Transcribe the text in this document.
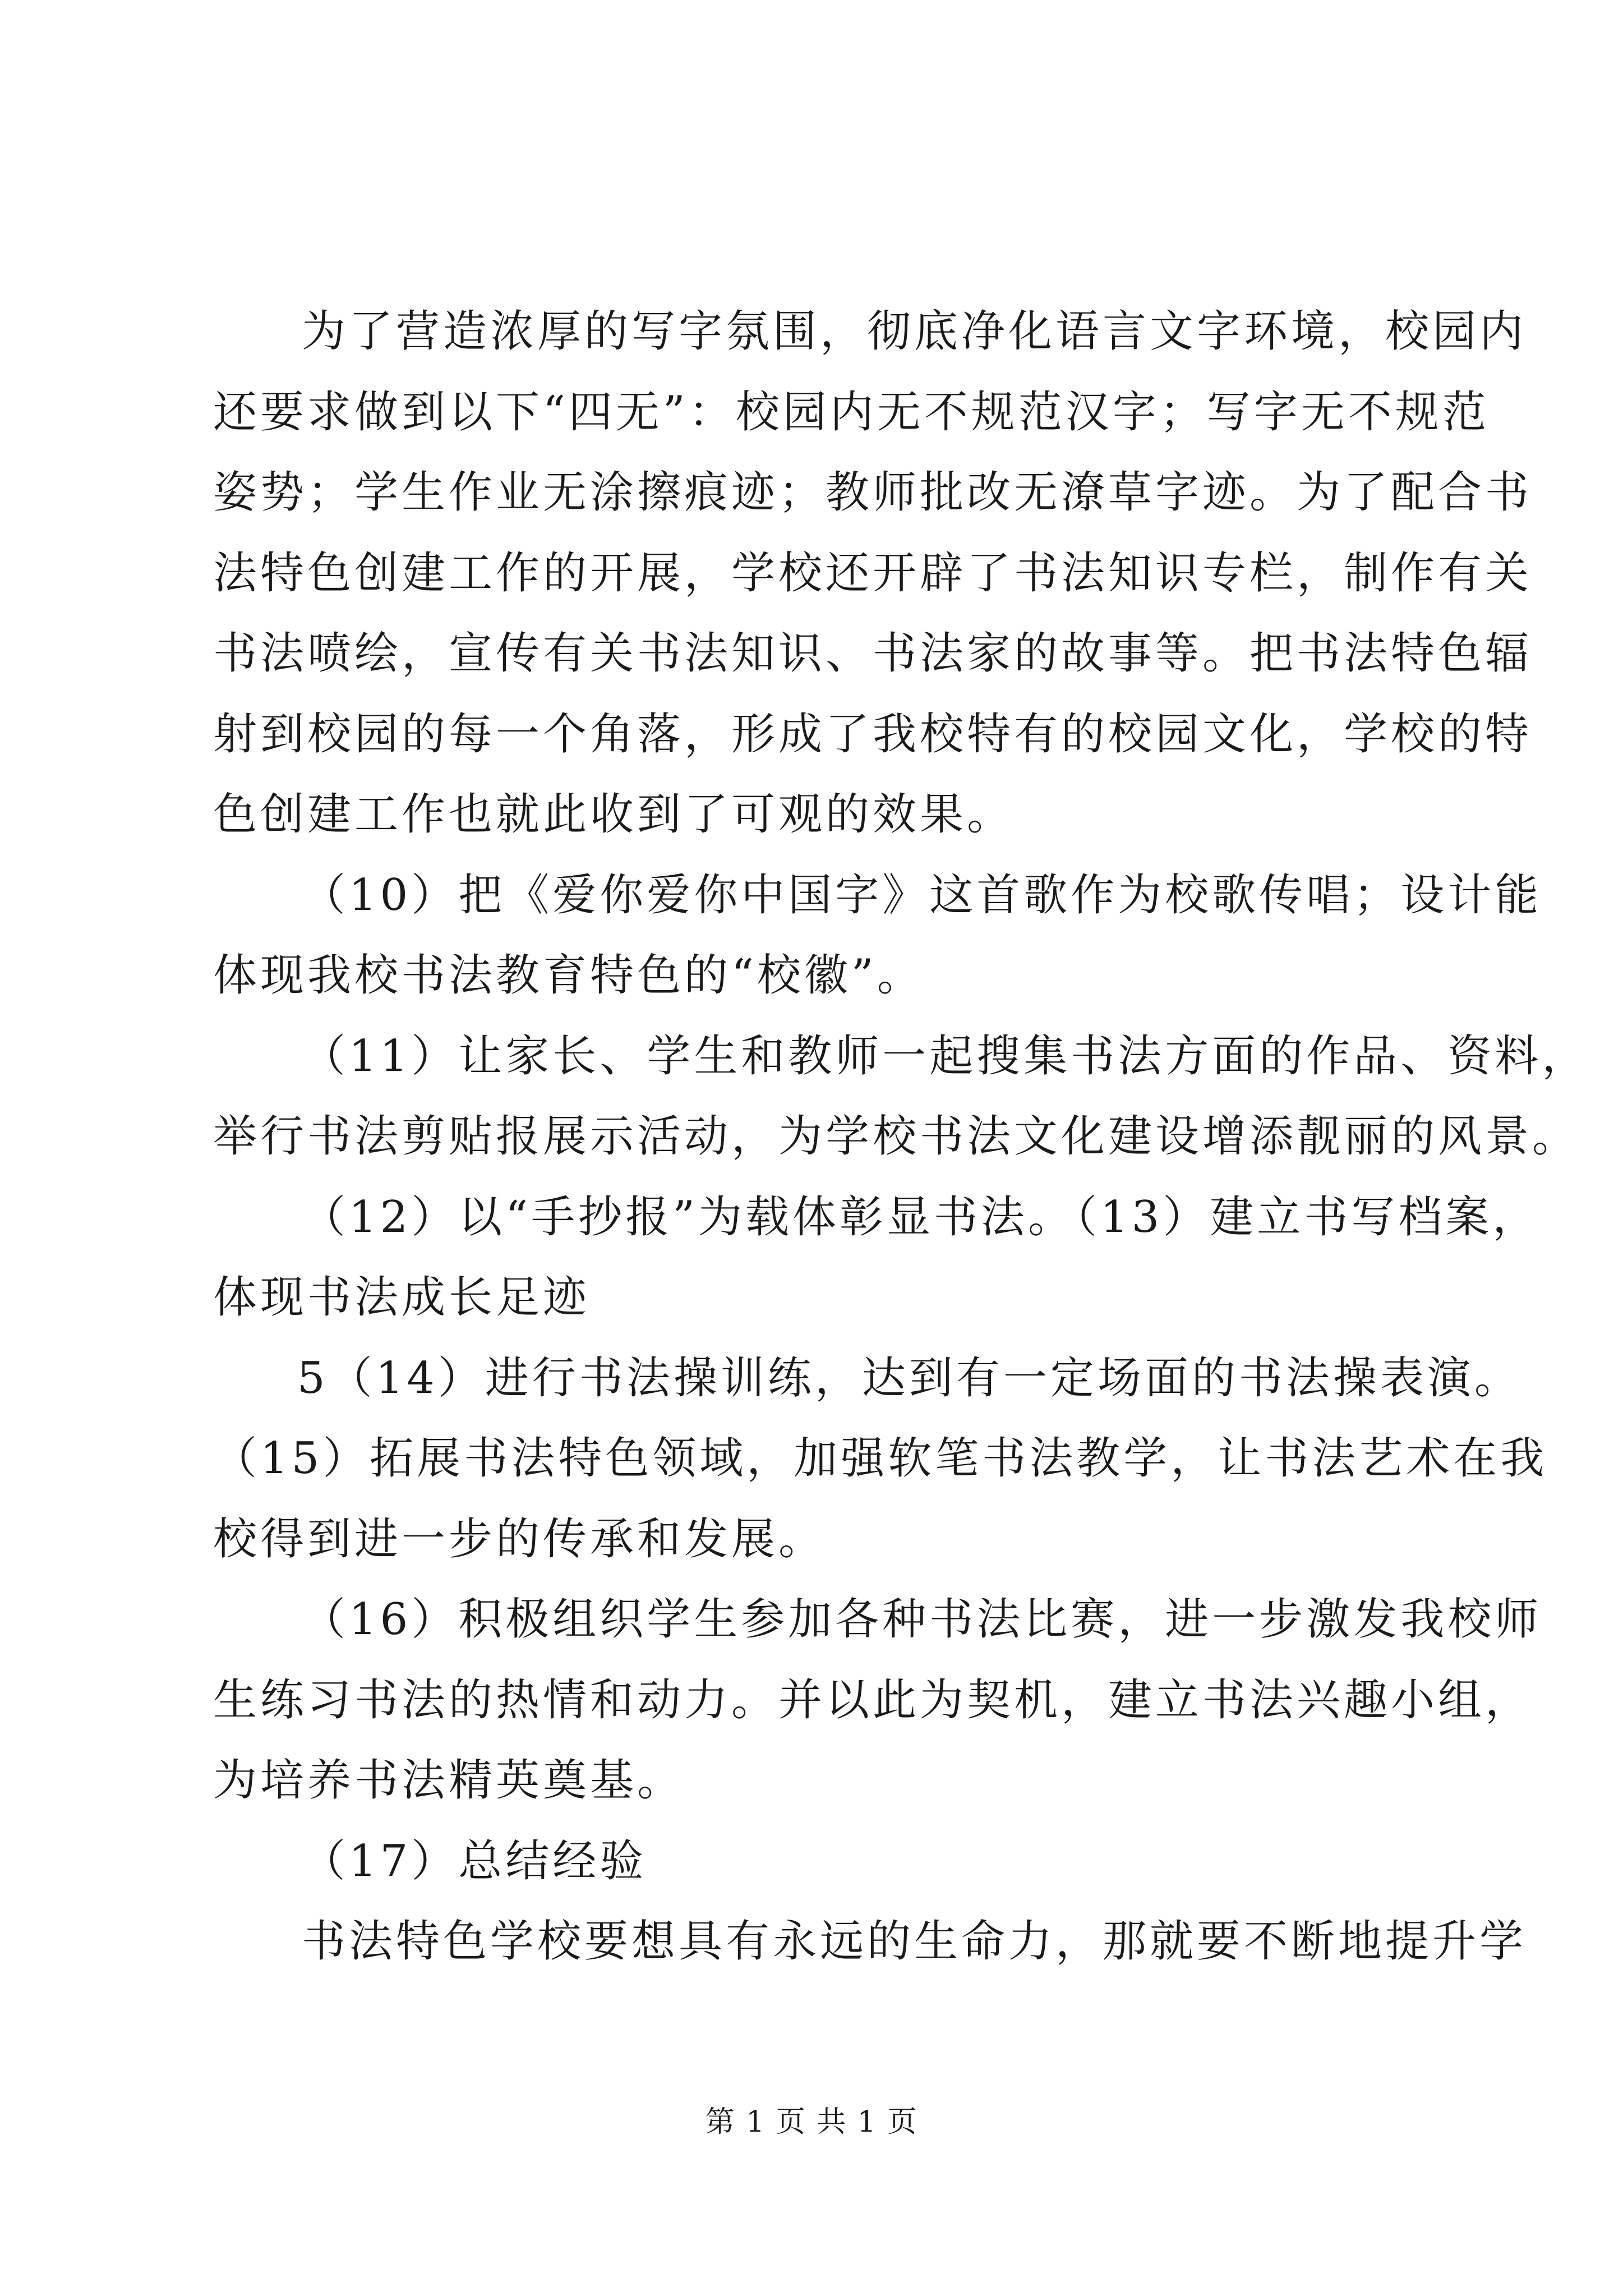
为了营造浓厚的写字氛围，彻底净化语言文字环境，校园内
还要求做到以下“四无”：校园内无不规范汉字；写字无不规范
姿势；学生作业无涂擦痕迹；教师批改无潦草字迹。为了配合书
法特色创建工作的开展，学校还开辟了书法知识专栏，制作有关
书法喷绘，宣传有关书法知识、书法家的故事等。把书法特色辐
射到校园的每一个角落，形成了我校特有的校园文化，学校的特
色创建工作也就此收到了可观的效果。
（10）把《爱你爱你中国字》这首歌作为校歌传唱；设计能
体现我校书法教育特色的“校徽”。
（11）让家长、学生和教师一起搜集书法方面的作品、资料，
举行书法剪贴报展示活动，为学校书法文化建设增添靓丽的风景。
（12）以“手抄报”为载体彰显书法。（13）建立书写档案，
体现书法成长足迹
5（14）进行书法操训练，达到有一定场面的书法操表演。
（15）拓展书法特色领域，加强软笔书法教学，让书法艺术在我
校得到进一步的传承和发展。
（16）积极组织学生参加各种书法比赛，进一步激发我校师
生练习书法的热情和动力。并以此为契机，建立书法兴趣小组，
为培养书法精英奠基。
（17）总结经验
书法特色学校要想具有永远的生命力，那就要不断地提升学
第 1 页 共 1 页
